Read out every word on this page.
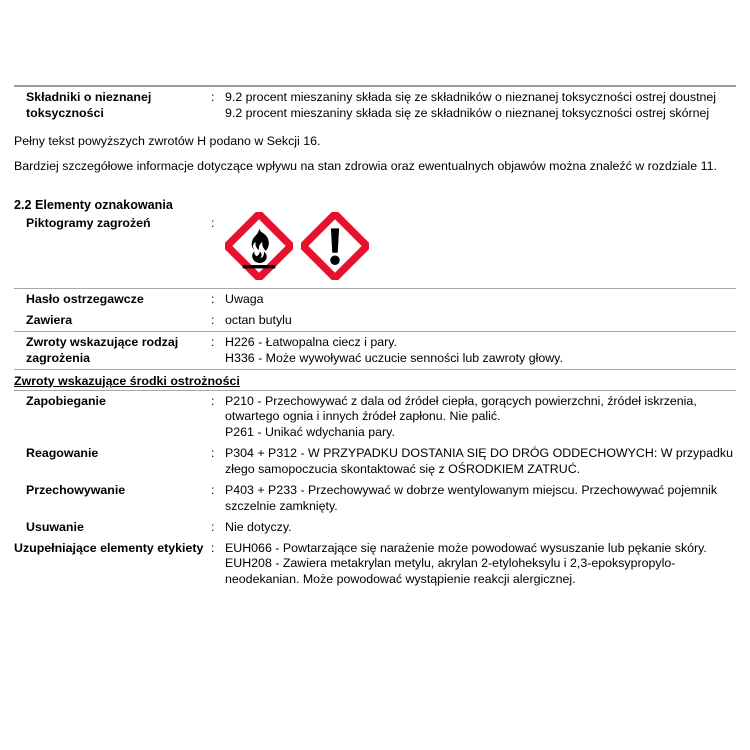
Składniki o nieznanej toksyczności
: 9.2 procent mieszaniny składa się ze składników o nieznanej toksyczności ostrej doustnej
9.2 procent mieszaniny składa się ze składników o nieznanej toksyczności ostrej skórnej

Pełny tekst powyższych zwrotów H podano w Sekcji 16.

Bardziej szczegółowe informacje dotyczące wpływu na stan zdrowia oraz ewentualnych objawów można znaleźć w rozdziale 11.

2.2 Elementy oznakowania
Piktogramy zagrożeń	:
Hasło ostrzegawcze	: Uwaga
Zawiera	: octan butylu
Zwroty wskazujące rodzaj zagrożenia
: H226 - Łatwopalna ciecz i pary.
H336 - Może wywoływać uczucie senności lub zawroty głowy.
Zwroty wskazujące środki ostrożności
Zapobieganie	: P210 - Przechowywać z dala od źródeł ciepła, gorących powierzchni, źródeł iskrzenia, otwartego ognia i innych źródeł zapłonu. Nie palić.
P261 - Unikać wdychania pary.
Reagowanie	: P304 + P312 - W PRZYPADKU DOSTANIA SIĘ DO DRÓG ODDECHOWYCH: W przypadku złego samopoczucia skontaktować się z OŚRODKIEM ZATRUĆ.
Przechowywanie	: P403 + P233 - Przechowywać w dobrze wentylowanym miejscu. Przechowywać pojemnik szczelnie zamknięty.
Usuwanie	: Nie dotyczy.
Uzupełniające elementy etykiety : EUH066 - Powtarzające się narażenie może powodować wysuszanie lub pękanie skóry.
EUH208 - Zawiera metakrylan metylu, akrylan 2-etyloheksylu i 2,3-epoksypropylo-neodekanian. Może powodować wystąpienie reakcji alergicznej.
